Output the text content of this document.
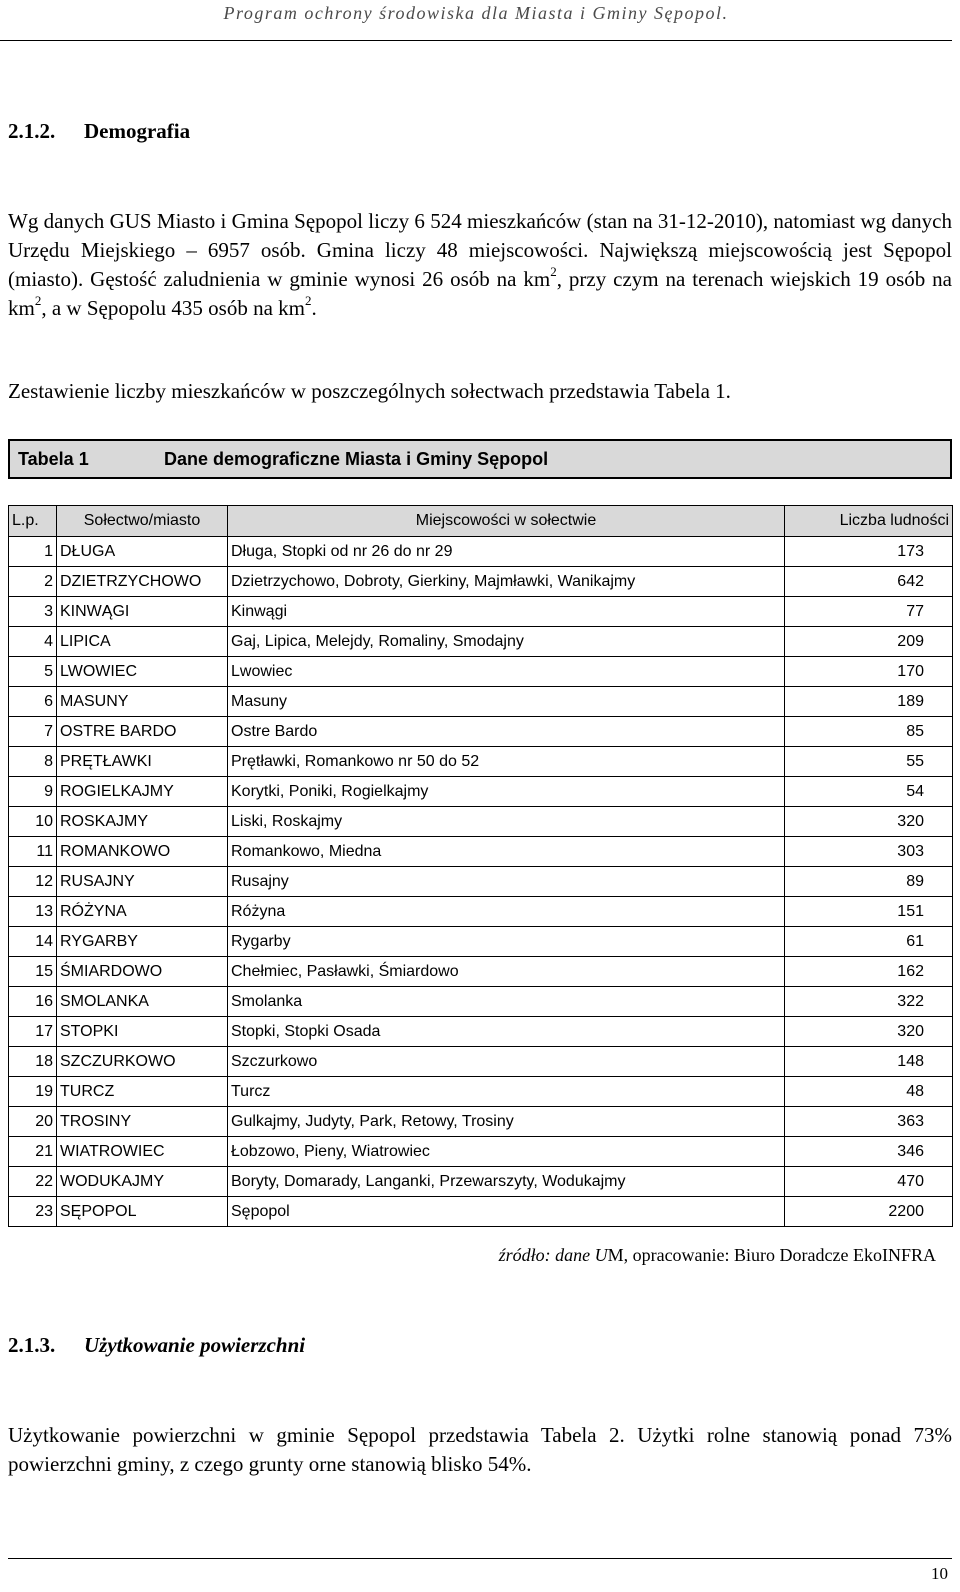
Program ochrony środowiska dla Miasta i Gminy Sępopol.
2.1.2. Demografia

Wg danych GUS Miasto i Gmina Sępopol liczy 6 524 mieszkańców (stan na 31-12-2010), natomiast wg danych Urzędu Miejskiego – 6957 osób. Gmina liczy 48 miejscowości. Największą miejscowością jest Sępopol (miasto). Gęstość zaludnienia w gminie wynosi 26 osób na $km^2$, przy czym na terenach wiejskich 19 osób na $km^2$, a w Sępopolu 435 osób na $km^2$.

Zestawienie liczby mieszkańców w poszczególnych sołectwach przedstawia Tabela 1.

Tabela 1	Dane demograficzne Miasta i Gminy Sępopol
L.p.	Sołectwo/miasto	Miejscowości w sołectwie	Liczba ludności
1	DŁUGA	Długa, Stopki od nr 26 do nr 29	173
2	DZIETRZYCHOWO	Dzietrzychowo, Dobroty, Gierkiny, Majmławki, Wanikajmy	642
3	KINWĄGI	Kinwągi	77
4	LIPICA	Gaj, Lipica, Melejdy, Romaliny, Smodajny	209
5	LWOWIEC	Lwowiec	170
6	MASUNY	Masuny	189
7	OSTRE BARDO	Ostre Bardo	85
8	PRĘTŁAWKI	Prętławki, Romankowo nr 50 do 52	55
9	ROGIELKAJMY	Korytki, Poniki, Rogielkajmy	54
10	ROSKAJMY	Liski, Roskajmy	320
11	ROMANKOWO	Romankowo, Miedna	303
12	RUSAJNY	Rusajny	89
13	RÓŻYNA	Różyna	151
14	RYGARBY	Rygarby	61
15	ŚMIARDOWO	Chełmiec, Pasławki, Śmiardowo	162
16	SMOLANKA	Smolanka	322
17	STOPKI	Stopki, Stopki Osada	320
18	SZCZURKOWO	Szczurkowo	148
19	TURCZ	Turcz	48
20	TROSINY	Gulkajmy, Judyty, Park, Retowy, Trosiny	363
21	WIATROWIEC	Łobzowo, Pieny, Wiatrowiec	346
22	WODUKAJMY	Boryty, Domarady, Langanki, Przewarszyty, Wodukajmy	470
23	SĘPOPOL	Sępopol	2200
źródło: dane UM, opracowanie: Biuro Doradcze EkoINFRA
2.1.3. Użytkowanie powierzchni

Użytkowanie powierzchni w gminie Sępopol przedstawia Tabela 2. Użytki rolne stanowią ponad 73% powierzchni gminy, z czego grunty orne stanowią blisko 54%.

10
